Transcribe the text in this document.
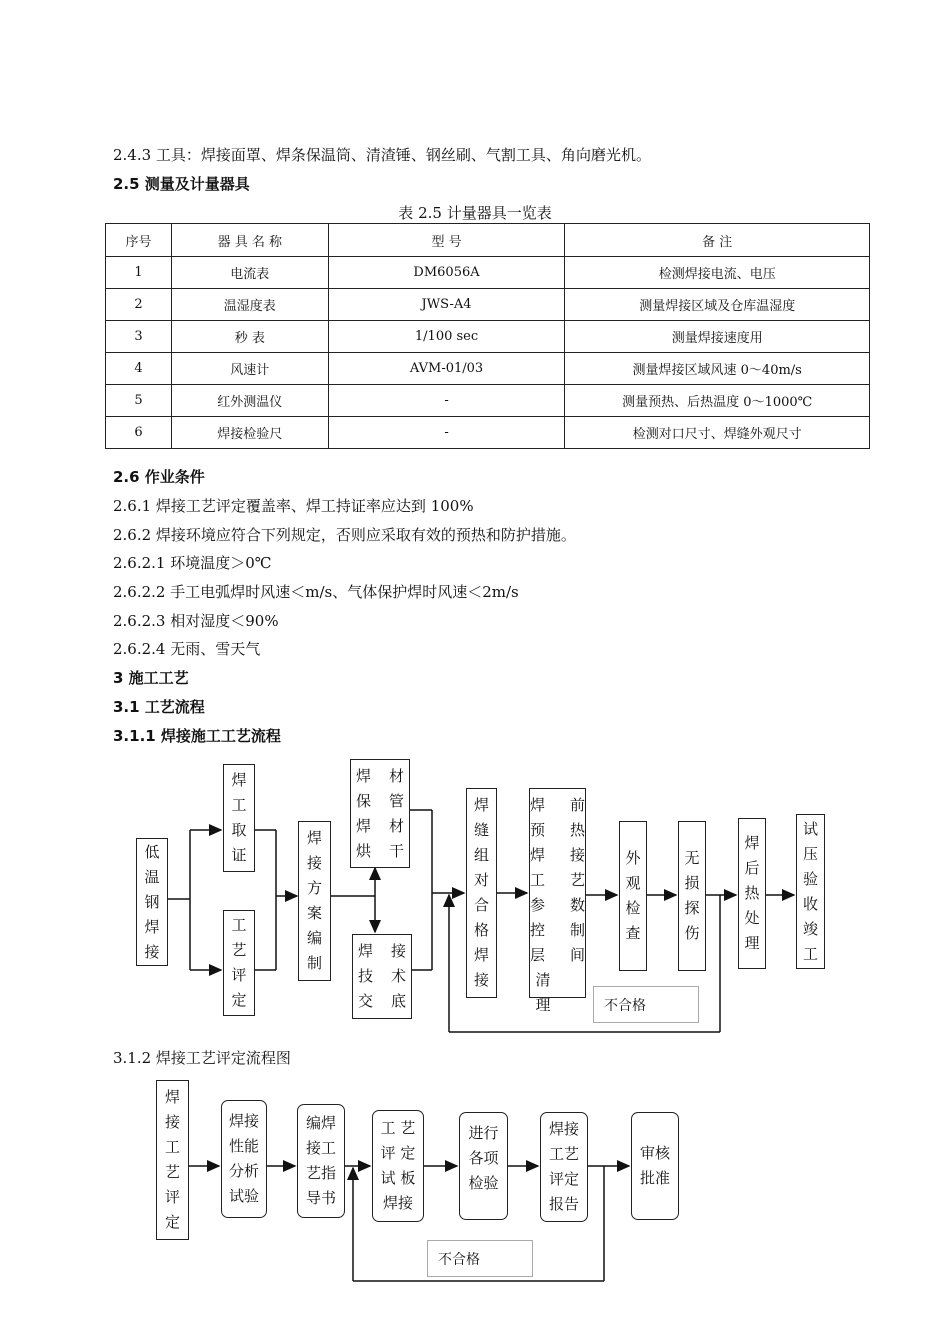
2.4.3 工具：焊接面罩、焊条保温筒、清渣锤、钢丝刷、气割工具、角向磨光机。
2.5 测量及计量器具
表 2.5 计量器具一览表
序号	器 具 名 称	型 号	备 注
1	电流表	DM6056A	检测焊接电流、电压
2	温湿度表	JWS-A4	测量焊接区域及仓库温湿度
3	秒 表	1/100 sec	测量焊接速度用
4	风速计	AVM-01/03	测量焊接区域风速 0～40m/s
5	红外测温仪	-	测量预热、后热温度 0～1000℃
6	焊接检验尺	-	检测对口尺寸、焊缝外观尺寸
2.6 作业条件
2.6.1 焊接工艺评定覆盖率、焊工持证率应达到 100%
2.6.2 焊接环境应符合下列规定，否则应采取有效的预热和防护措施。
2.6.2.1 环境温度＞0℃
2.6.2.2 手工电弧焊时风速＜m/s、气体保护焊时风速＜2m/s
2.6.2.3 相对湿度＜90%
2.6.2.4 无雨、雪天气
3 施工工艺
3.1 工艺流程
3.1.1 焊接施工工艺流程
3.1.2 焊接工艺评定流程图
低
温
钢
焊
接
焊
工
取
证
工
艺
评
定
焊
接
方
案
编
制
焊
保
焊
烘
材
管
材
干
焊
技
交
接
术
底
焊
缝
组
对
合
格
焊
接
焊
预
焊
工
参
控
层
清理
前
热
接
艺
数
制
间
外
观
检
查
无
损
探
伤
焊
后
热
处
理
试
压
验
收
竣
工
不合格
焊
接
工
艺
评
定
焊接
性能
分析
试验
编焊
接工
艺指
导书
工 艺
评 定
试 板
焊接
进行
各项
检验
焊接
工艺
评定
报告
审核
批准
不合格
